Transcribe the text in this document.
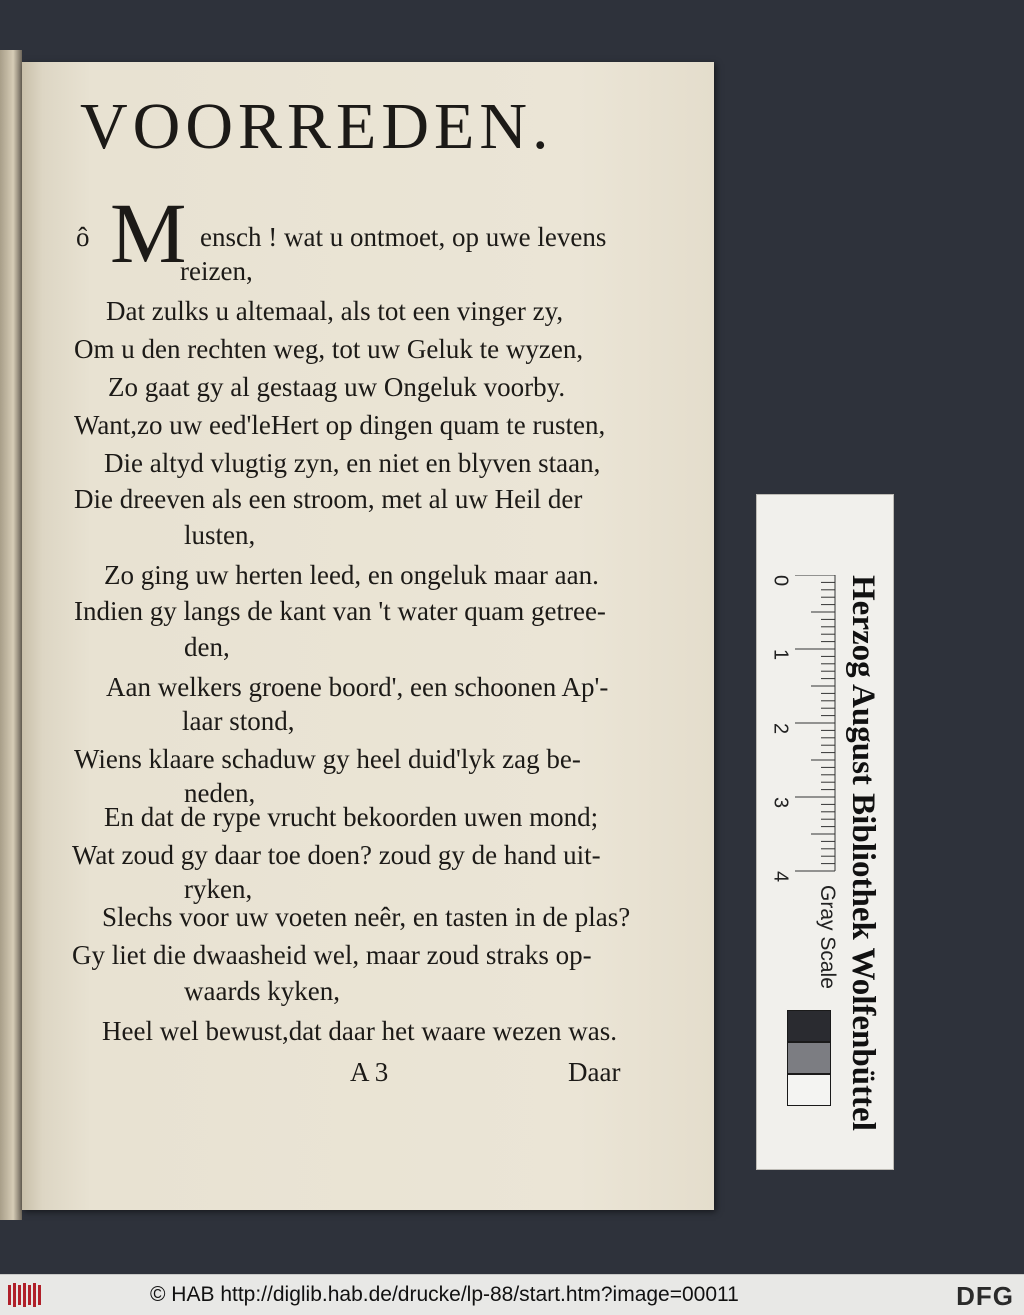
VOORREDEN.
M
ô	ensch ! wat u ontmoet, op uwe levens
reizen,
Dat zulks u altemaal, als tot een vinger zy,
Om u den rechten weg, tot uw Geluk te wyzen,
Zo gaat gy al gestaag uw Ongeluk voorby.
Want,zo uw eed'leHert op dingen quam te rusten,
Die altyd vlugtig zyn, en niet en blyven staan,
Die dreeven als een stroom, met al uw Heil der
lusten,
Zo ging uw herten leed, en ongeluk maar aan.
Indien gy langs de kant van 't water quam getree-
den,
Aan welkers groene boord', een schoonen Ap'-
laar stond,
Wiens klaare schaduw gy heel duid'lyk zag be-
neden,
En dat de rype vrucht bekoorden uwen mond;
Wat zoud gy daar toe doen? zoud gy de hand uit-
ryken,
Slechs voor uw voeten neêr, en tasten in de plas?
Gy liet die dwaasheid wel, maar zoud straks op-
waards kyken,
Heel wel bewust,dat daar het waare wezen was.
A 3	Daar
0
1
2
3
4
Gray Scale Herzog August Bibliothek Wolfenbüttel
© HAB http://diglib.hab.de/drucke/lp-88/start.htm?image=00011	DFG
